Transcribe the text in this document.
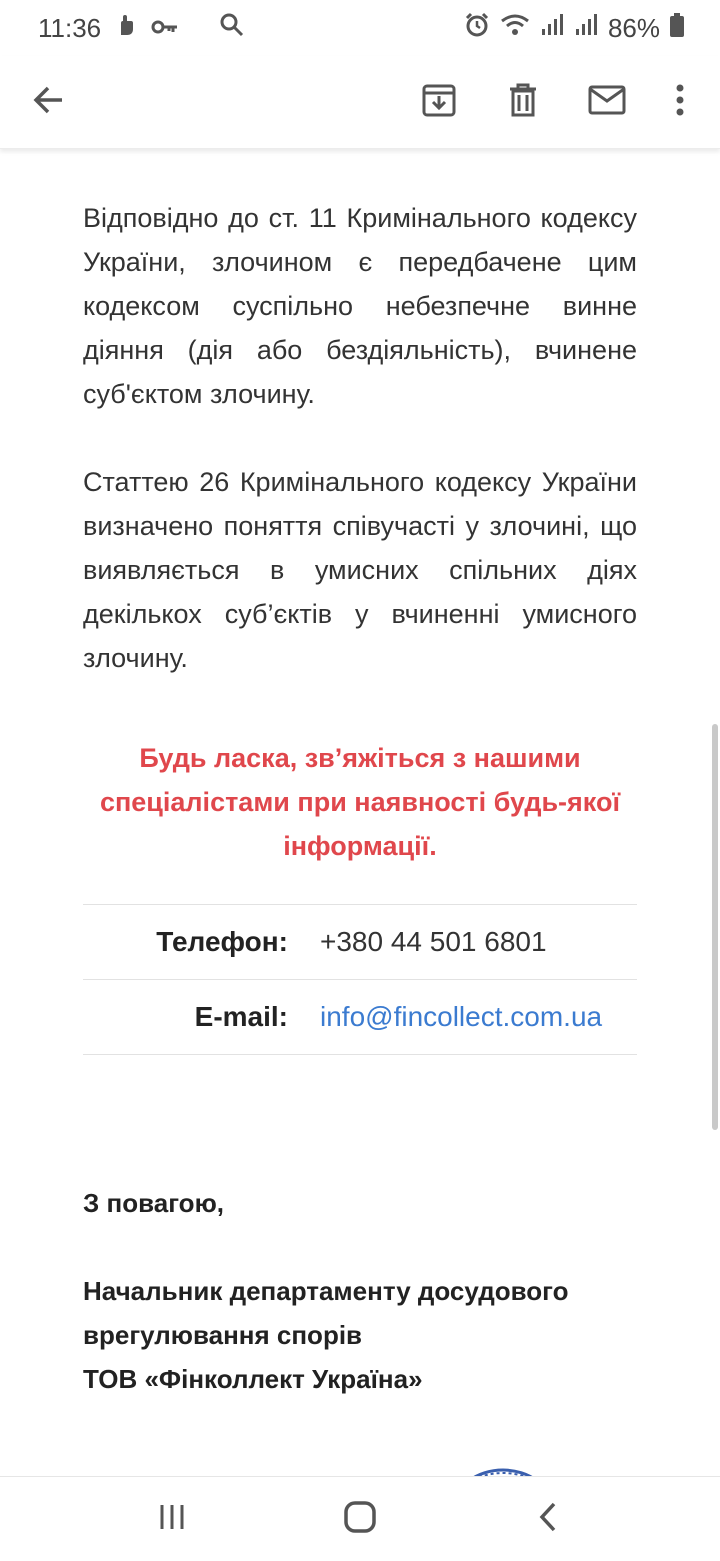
11:36	86%

Відповідно до ст. 11 Кримінального кодексу України, злочином є передбачене цим кодексом суспільно небезпечне винне діяння (дія або бездіяльність), вчинене суб'єктом злочину.

Статтею 26 Кримінального кодексу України визначено поняття співучасті у злочині, що виявляється в умисних спільних діях декількох суб’єктів у вчиненні умисного злочину.

Будь ласка, зв’яжіться з нашими спеціалістами при наявності будь-якої інформації.
Телефон: +380 44 501 6801
E-mail: info@fincollect.com.ua
З повагою,
Начальник департаменту досудового
врегулювання спорів
ТОВ «Фінколлект Україна»
